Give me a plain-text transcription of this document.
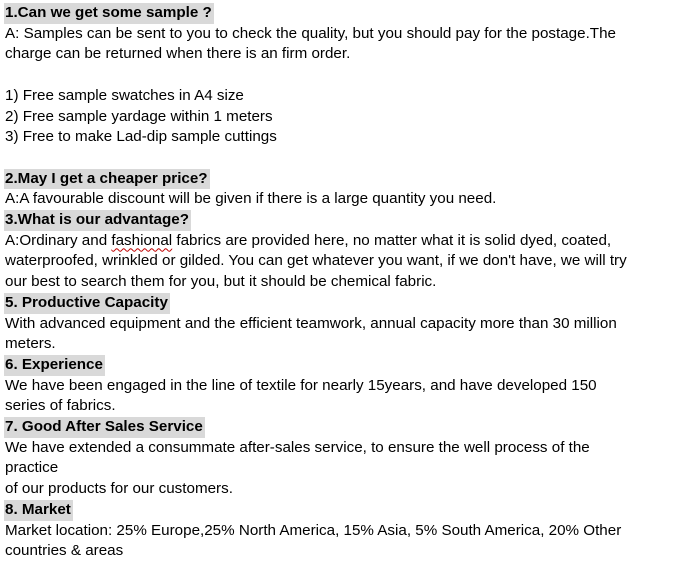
1.Can we get some sample ?
A: Samples can be sent to you to check the quality, but you should pay for the postage.The
charge can be returned when there is an firm order.
1) Free sample swatches in A4 size
2) Free sample yardage within 1 meters
3) Free to make Lad-dip sample cuttings
2.May I get a cheaper price?
A:A favourable discount will be given if there is a large quantity you need.
3.What is our advantage?
A:Ordinary and fashional fabrics are provided here, no matter what it is solid dyed, coated,
waterproofed, wrinkled or gilded. You can get whatever you want, if we don't have, we will try
our best to search them for you, but it should be chemical fabric.
5. Productive Capacity
With advanced equipment and the efficient teamwork, annual capacity more than 30 million
meters.
6. Experience
We have been engaged in the line of textile for nearly 15years, and have developed 150
series of fabrics.
7. Good After Sales Service
We have extended a consummate after-sales service, to ensure the well process of the
practice
of our products for our customers.
8. Market
Market location: 25% Europe,25% North America, 15% Asia, 5% South America, 20% Other
countries & areas
